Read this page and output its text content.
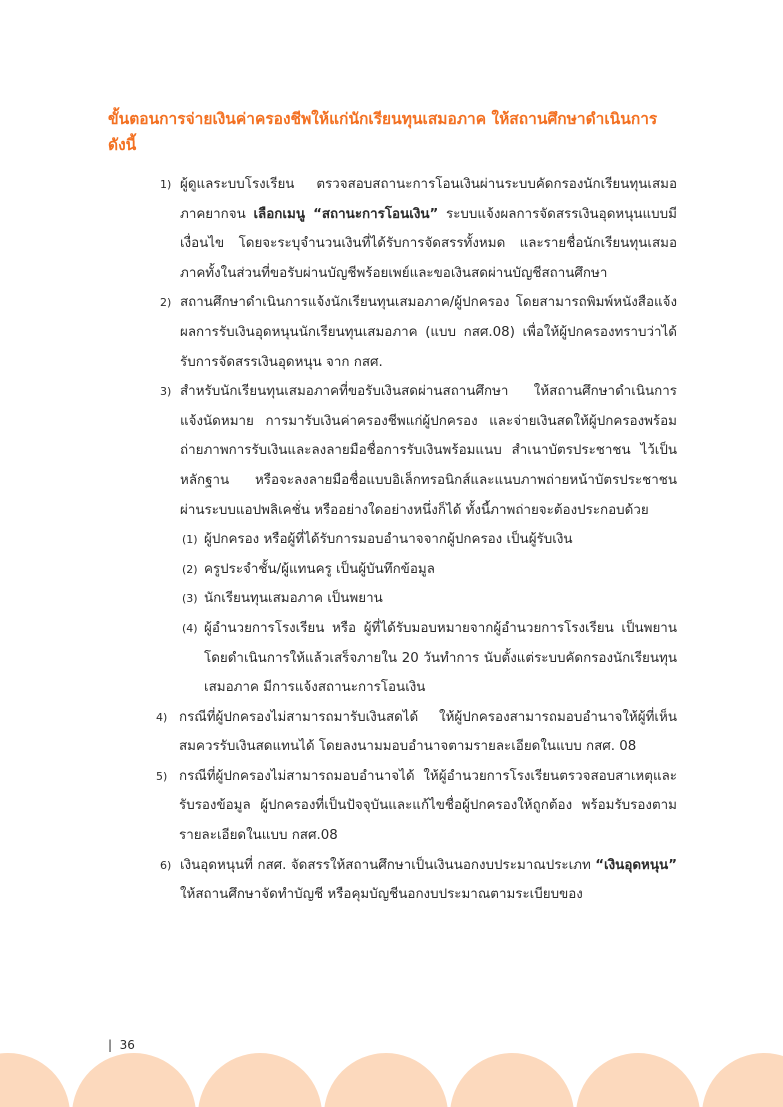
ขั้นตอนการจ่ายเงินค่าครองชีพให้แก่นักเรียนทุนเสมอภาค ให้สถานศึกษาดำเนินการดังนี้

1) ผู้ดูแลระบบโรงเรียน ตรวจสอบสถานะการโอนเงินผ่านระบบคัดกรองนักเรียนทุนเสมอภาคยากจน เลือกเมนู “สถานะการโอนเงิน” ระบบแจ้งผลการจัดสรรเงินอุดหนุนแบบมีเงื่อนไข โดยจะระบุจำนวนเงินที่ได้รับการจัดสรรทั้งหมด และรายชื่อนักเรียนทุนเสมอภาคทั้งในส่วนที่ขอรับผ่านบัญชีพร้อยเพย์และขอเงินสดผ่านบัญชีสถานศึกษา

2) สถานศึกษาดำเนินการแจ้งนักเรียนทุนเสมอภาค/ผู้ปกครอง โดยสามารถพิมพ์หนังสือแจ้งผลการรับเงินอุดหนุนนักเรียนทุนเสมอภาค (แบบ กสศ.08) เพื่อให้ผู้ปกครองทราบว่าได้รับการจัดสรรเงินอุดหนุน จาก กสศ.

3) สำหรับนักเรียนทุนเสมอภาคที่ขอรับเงินสดผ่านสถานศึกษา ให้สถานศึกษาดำเนินการแจ้งนัดหมาย การมารับเงินค่าครองชีพแก่ผู้ปกครอง และจ่ายเงินสดให้ผู้ปกครองพร้อมถ่ายภาพการรับเงินและลงลายมือชื่อการรับเงินพร้อมแนบ สำเนาบัตรประชาชน ไว้เป็นหลักฐาน หรือจะลงลายมือชื่อแบบอิเล็กทรอนิกส์และแนบภาพถ่ายหน้าบัตรประชาชนผ่านระบบแอปพลิเคชั่น หรืออย่างใดอย่างหนึ่งก็ได้ ทั้งนี้ภาพถ่ายจะต้องประกอบด้วย

(1) ผู้ปกครอง หรือผู้ที่ได้รับการมอบอำนาจจากผู้ปกครอง เป็นผู้รับเงิน

(2) ครูประจำชั้น/ผู้แทนครู เป็นผู้บันทึกข้อมูล

(3) นักเรียนทุนเสมอภาค เป็นพยาน

(4) ผู้อำนวยการโรงเรียน หรือ ผู้ที่ได้รับมอบหมายจากผู้อำนวยการโรงเรียน เป็นพยาน โดยดำเนินการให้แล้วเสร็จภายใน 20 วันทำการ นับตั้งแต่ระบบคัดกรองนักเรียนทุนเสมอภาค มีการแจ้งสถานะการโอนเงิน

4) กรณีที่ผู้ปกครองไม่สามารถมารับเงินสดได้ ให้ผู้ปกครองสามารถมอบอำนาจให้ผู้ที่เห็นสมควรรับเงินสดแทนได้ โดยลงนามมอบอำนาจตามรายละเอียดในแบบ กสศ. 08

5) กรณีที่ผู้ปกครองไม่สามารถมอบอำนาจได้ ให้ผู้อำนวยการโรงเรียนตรวจสอบสาเหตุและรับรองข้อมูล ผู้ปกครองที่เป็นปัจจุบันและแก้ไขชื่อผู้ปกครองให้ถูกต้อง พร้อมรับรองตามรายละเอียดในแบบ กสศ.08

6) เงินอุดหนุนที่ กสศ. จัดสรรให้สถานศึกษาเป็นเงินนอกงบประมาณประเภท “เงินอุดหนุน” ให้สถานศึกษาจัดทำบัญชี หรือคุมบัญชีนอกงบประมาณตามระเบียบของ

|  36
